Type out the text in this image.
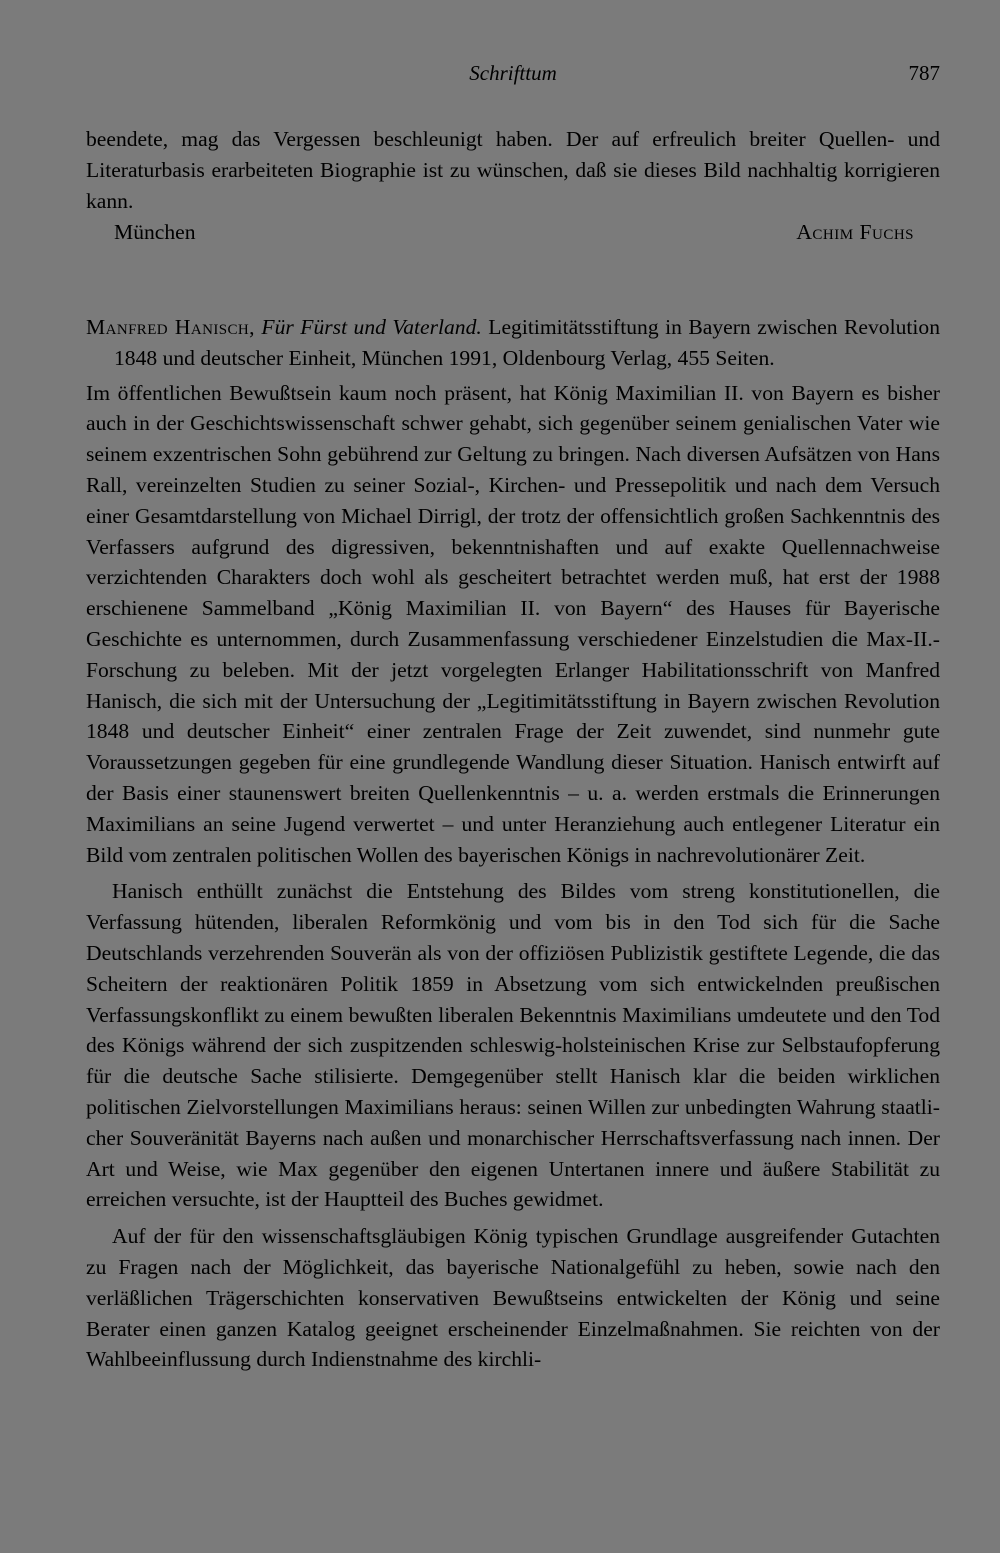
Schrifttum	787

beendete, mag das Vergessen beschleunigt haben. Der auf erfreulich breiter Quellen- und Literaturbasis erarbeiteten Biographie ist zu wünschen, daß sie dieses Bild nachhaltig korrigieren kann.

München	Achim Fuchs

Manfred Hanisch, Für Fürst und Vaterland. Legitimitätsstiftung in Bayern zwischen Revolution 1848 und deutscher Einheit, München 1991, Oldenbourg Verlag, 455 Seiten.

Im öffentlichen Bewußtsein kaum noch präsent, hat König Maximilian II. von Bayern es bisher auch in der Geschichtswissenschaft schwer gehabt, sich gegenüber seinem genialischen Vater wie seinem exzentrischen Sohn gebührend zur Geltung zu bringen. Nach diversen Aufsätzen von Hans Rall, vereinzelten Studien zu seiner Sozial-, Kirchen- und Pressepolitik und nach dem Versuch einer Gesamtdarstellung von Michael Dirrigl, der trotz der offensichtlich großen Sachkenntnis des Verfassers aufgrund des digressiven, bekenntnishaften und auf exakte Quellennachweise verzichtenden Charakters doch wohl als gescheitert betrachtet werden muß, hat erst der 1988 erschienene Sammelband „König Maximilian II. von Bayern“ des Hauses für Bayerische Geschichte es unternommen, durch Zusammenfassung verschiedener Einzelstudien die Max-II.-Forschung zu beleben. Mit der jetzt vorgelegten Erlanger Habilitationsschrift von Manfred Hanisch, die sich mit der Untersuchung der „Legitimitätsstiftung in Bayern zwischen Revolution 1848 und deutscher Einheit“ einer zentralen Frage der Zeit zuwendet, sind nunmehr gute Voraussetzungen gegeben für eine grundlegende Wandlung dieser Situation. Hanisch entwirft auf der Basis einer staunenswert breiten Quellenkenntnis – u. a. werden erstmals die Erinnerungen Maximilians an seine Jugend verwertet – und unter Heranziehung auch entlegener Literatur ein Bild vom zentralen politischen Wollen des bayerischen Königs in nachrevolutionärer Zeit.

Hanisch enthüllt zunächst die Entstehung des Bildes vom streng konstitutionellen, die Verfassung hütenden, liberalen Reformkönig und vom bis in den Tod sich für die Sache Deutschlands verzehrenden Souverän als von der offiziösen Publizistik gestiftete Legende, die das Scheitern der reaktionären Politik 1859 in Absetzung vom sich entwickelnden preußischen Verfassungskonflikt zu einem bewußten liberalen Bekenntnis Maximilians umdeutete und den Tod des Königs während der sich zuspitzenden schleswig-holsteinischen Krise zur Selbstaufopferung für die deutsche Sache stilisierte. Demgegenüber stellt Hanisch klar die beiden wirklichen politischen Zielvorstellungen Maximilians heraus: seinen Willen zur unbedingten Wahrung staatlicher Souveränität Bayerns nach außen und monarchischer Herrschaftsverfassung nach innen. Der Art und Weise, wie Max gegenüber den eigenen Untertanen innere und äußere Stabilität zu erreichen versuchte, ist der Hauptteil des Buches gewidmet.

Auf der für den wissenschaftsgläubigen König typischen Grundlage ausgreifender Gutachten zu Fragen nach der Möglichkeit, das bayerische Nationalgefühl zu heben, sowie nach den verläßlichen Trägerschichten konservativen Bewußtseins entwickelten der König und seine Berater einen ganzen Katalog geeignet erscheinender Einzelmaßnahmen. Sie reichten von der Wahlbeeinflussung durch Indienstnahme des kirchli-
